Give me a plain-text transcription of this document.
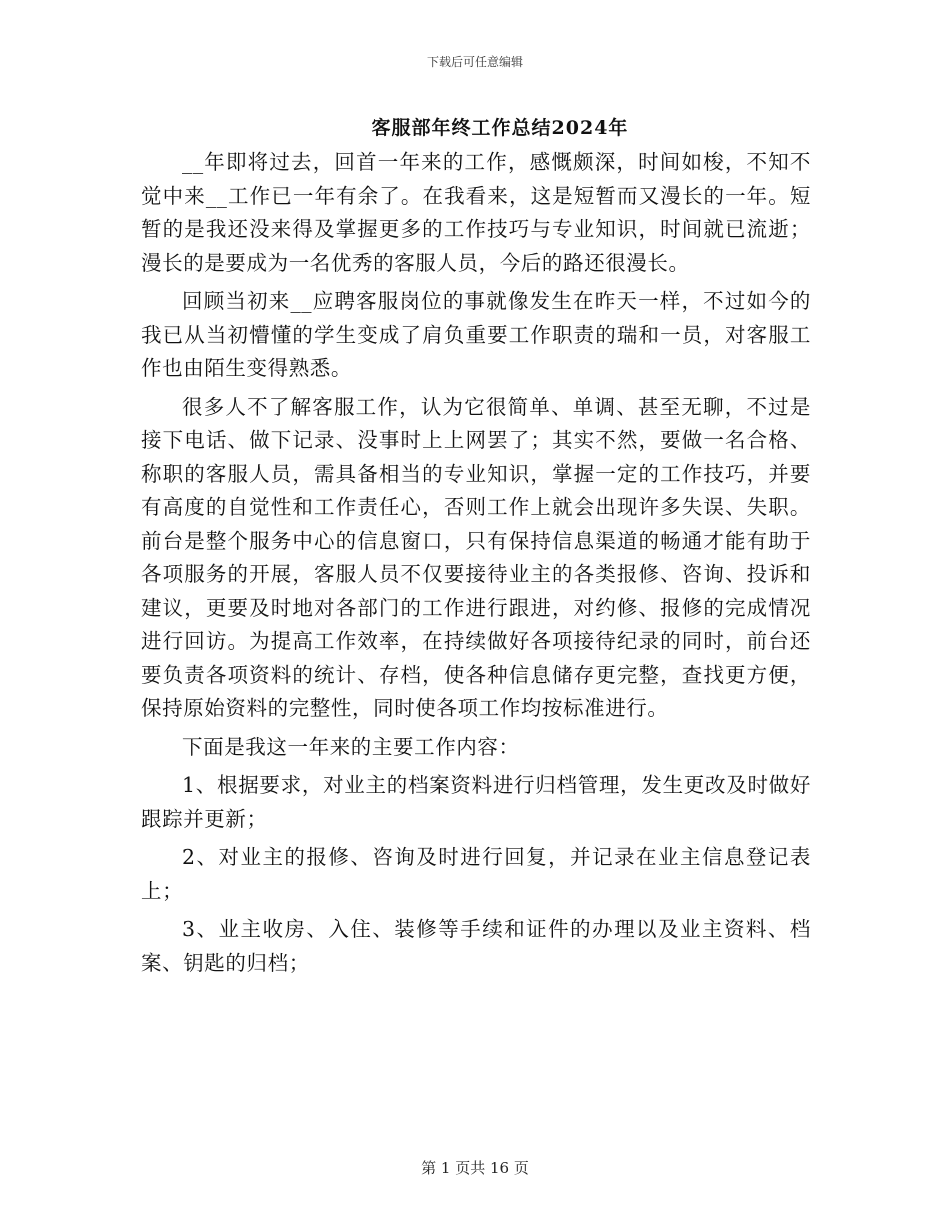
下载后可任意编辑
客服部年终工作总结2024年

__年即将过去，回首一年来的工作，感慨颇深，时间如梭，不知不觉中来__工作已一年有余了。在我看来，这是短暂而又漫长的一年。短暂的是我还没来得及掌握更多的工作技巧与专业知识，时间就已流逝；漫长的是要成为一名优秀的客服人员，今后的路还很漫长。

回顾当初来__应聘客服岗位的事就像发生在昨天一样，不过如今的我已从当初懵懂的学生变成了肩负重要工作职责的瑞和一员，对客服工作也由陌生变得熟悉。

很多人不了解客服工作，认为它很简单、单调、甚至无聊，不过是接下电话、做下记录、没事时上上网罢了；其实不然，要做一名合格、称职的客服人员，需具备相当的专业知识，掌握一定的工作技巧，并要有高度的自觉性和工作责任心，否则工作上就会出现许多失误、失职。前台是整个服务中心的信息窗口，只有保持信息渠道的畅通才能有助于各项服务的开展，客服人员不仅要接待业主的各类报修、咨询、投诉和建议，更要及时地对各部门的工作进行跟进，对约修、报修的完成情况进行回访。为提高工作效率，在持续做好各项接待纪录的同时，前台还要负责各项资料的统计、存档，使各种信息储存更完整，查找更方便，保持原始资料的完整性，同时使各项工作均按标准进行。

下面是我这一年来的主要工作内容：

1、根据要求，对业主的档案资料进行归档管理，发生更改及时做好跟踪并更新；

2、对业主的报修、咨询及时进行回复，并记录在业主信息登记表上；

3、业主收房、入住、装修等手续和证件的办理以及业主资料、档案、钥匙的归档；

第 1 页共 16 页
